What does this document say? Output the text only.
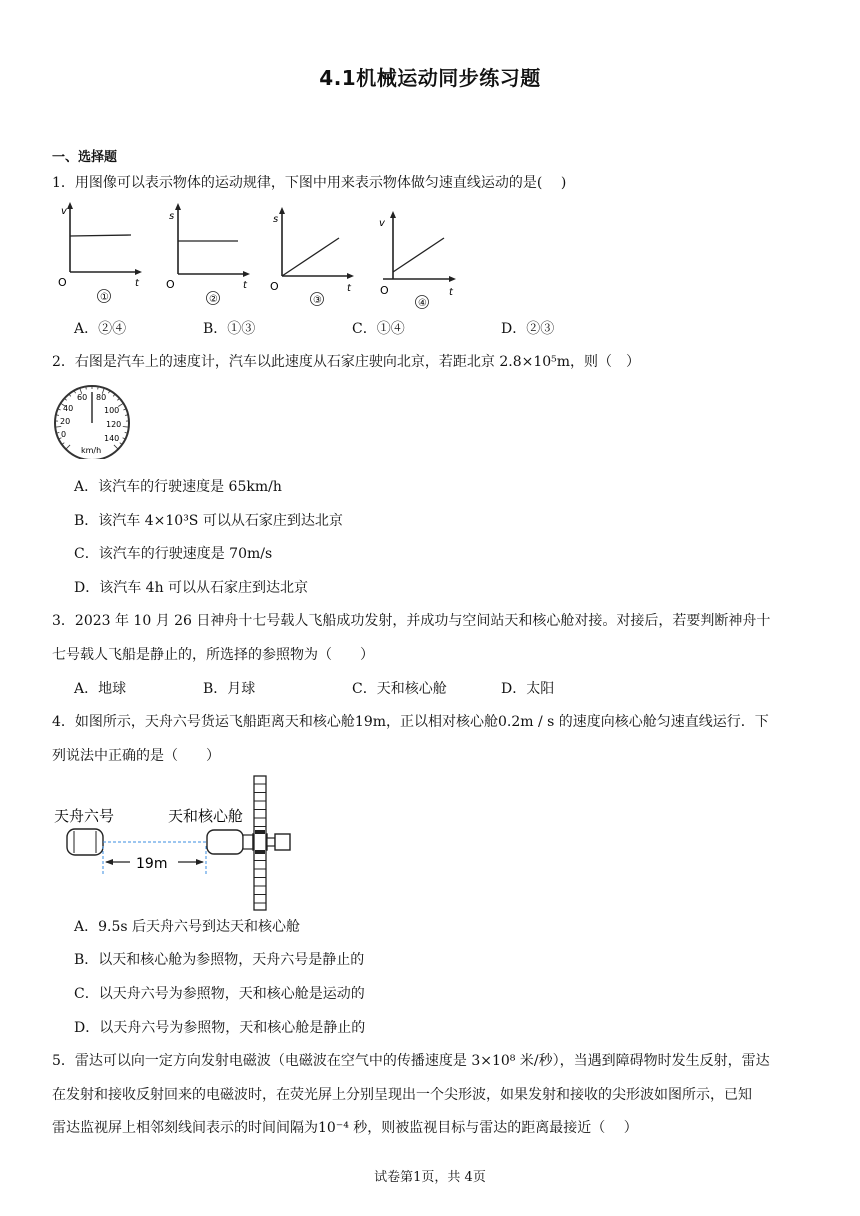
4.1机械运动同步练习题
一、选择题
1．用图像可以表示物体的运动规律，下图中用来表示物体做匀速直线运动的是(　 )
v
O	t
①
s
O	t
②
s
O	t
③
v
O	t
④
A．②④	B．①③	C．①④	D．②③
2．右图是汽车上的速度计，汽车以此速度从石家庄驶向北京，若距北京 2.8×10⁵m，则（　）
0
20
40
60 80
100
120
140
km/h
A．该汽车的行驶速度是 65km/h
B．该汽车 4×10³S 可以从石家庄到达北京
C．该汽车的行驶速度是 70m/s
D．该汽车 4h 可以从石家庄到达北京
3．2023 年 10 月 26 日神舟十七号载人飞船成功发射，并成功与空间站天和核心舱对接。对接后，若要判断神舟十
七号载人飞船是静止的，所选择的参照物为（　　）
A．地球	B．月球	C．天和核心舱	D．太阳
4．如图所示，天舟六号货运飞船距离天和核心舱19m，正以相对核心舱0.2m / s 的速度向核心舱匀速直线运行．下
列说法中正确的是（　　）
天舟六号	天和核心舱
19m
A．9.5s 后天舟六号到达天和核心舱
B．以天和核心舱为参照物，天舟六号是静止的
C．以天舟六号为参照物，天和核心舱是运动的
D．以天舟六号为参照物，天和核心舱是静止的
5．雷达可以向一定方向发射电磁波（电磁波在空气中的传播速度是 3×10⁸ 米/秒），当遇到障碍物时发生反射，雷达
在发射和接收反射回来的电磁波时，在荧光屏上分别呈现出一个尖形波，如果发射和接收的尖形波如图所示，已知
雷达监视屏上相邻刻线间表示的时间间隔为10⁻⁴ 秒，则被监视目标与雷达的距离最接近（　 ）
试卷第1页，共 4页
